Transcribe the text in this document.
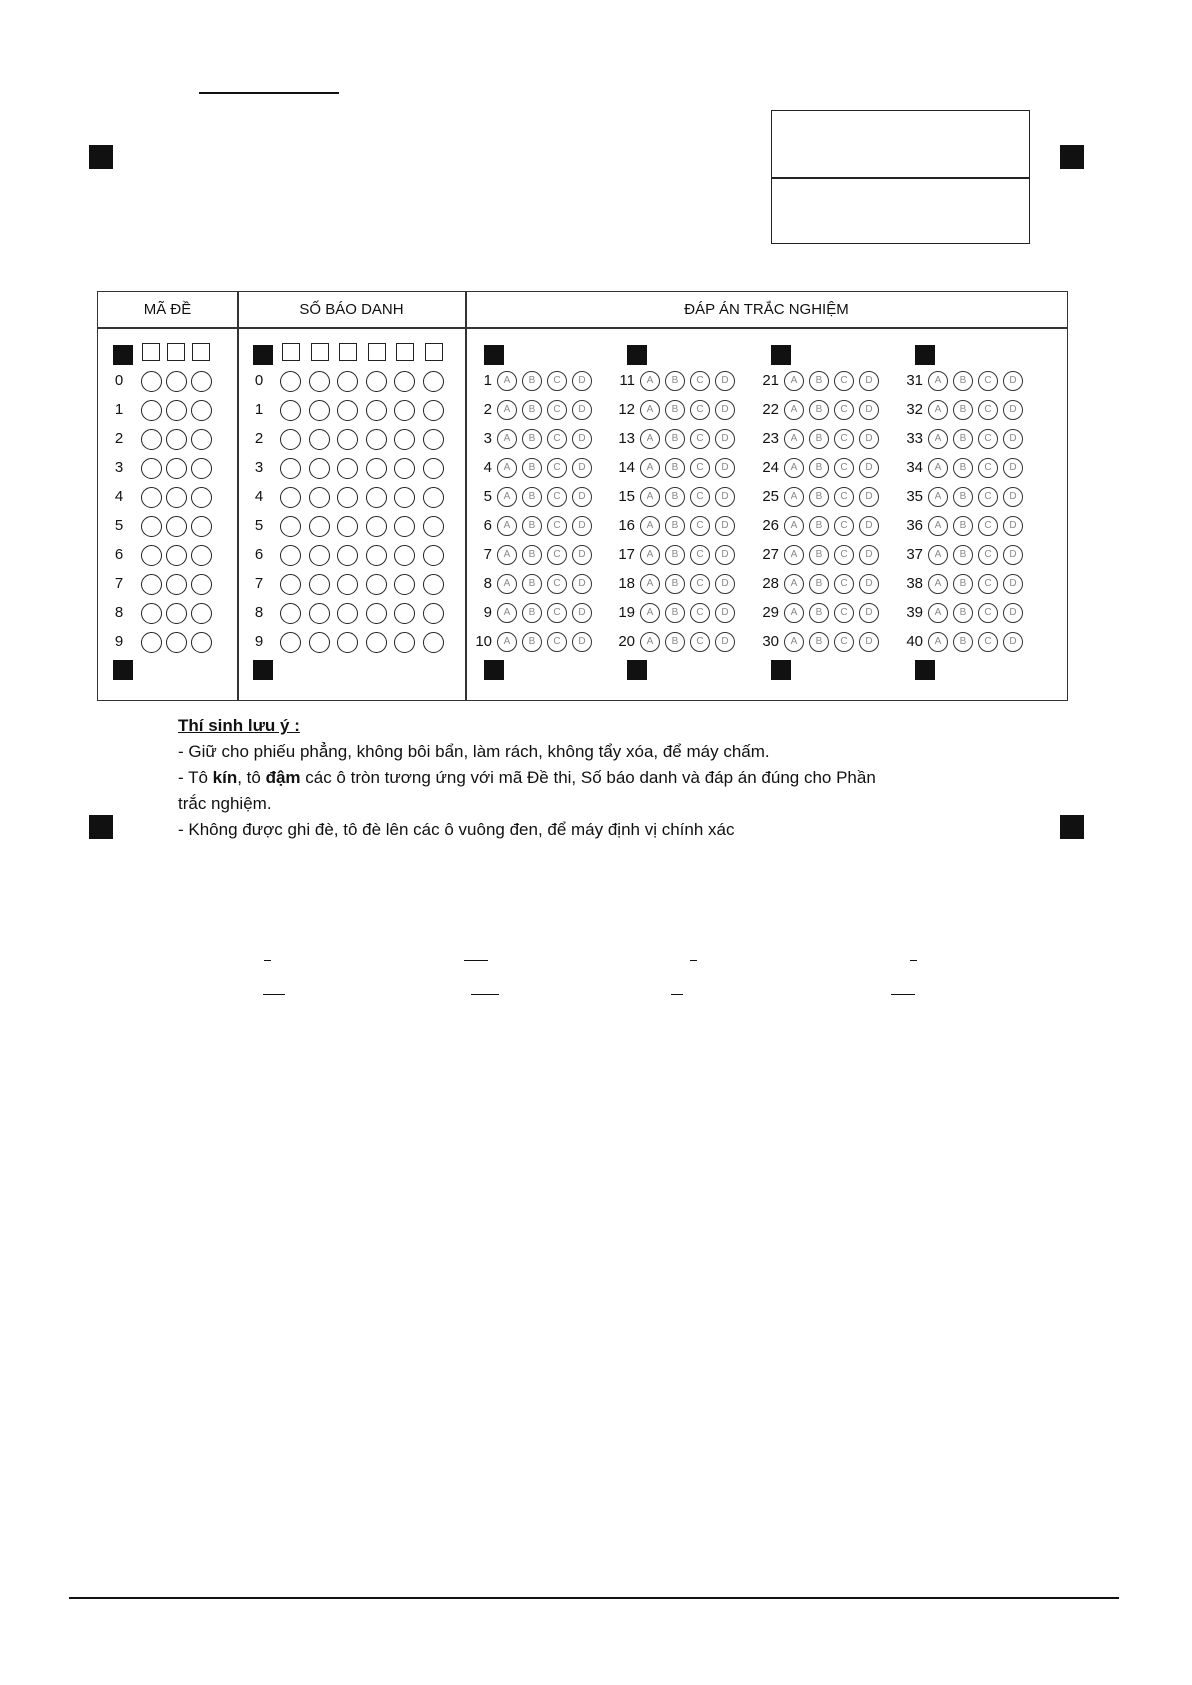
MÃ ĐỀ	SỐ BÁO DANH	ĐÁP ÁN TRẮC NGHIỆM
0
1
2
3
4
5
6
7
8
9
0
1
2
3
4
5
6
7
8
9
1	A	B	C	D
2	A	B	C	D
3	A	B	C	D
4	A	B	C	D
5	A	B	C	D
6	A	B	C	D
7	A	B	C	D
8	A	B	C	D
9	A	B	C	D
10	A	B	C	D
11	A	B	C	D
12	A	B	C	D
13	A	B	C	D
14	A	B	C	D
15	A	B	C	D
16	A	B	C	D
17	A	B	C	D
18	A	B	C	D
19	A	B	C	D
20	A	B	C	D
21	A	B	C	D
22	A	B	C	D
23	A	B	C	D
24	A	B	C	D
25	A	B	C	D
26	A	B	C	D
27	A	B	C	D
28	A	B	C	D
29	A	B	C	D
30	A	B	C	D
31	A	B	C	D
32	A	B	C	D
33	A	B	C	D
34	A	B	C	D
35	A	B	C	D
36	A	B	C	D
37	A	B	C	D
38	A	B	C	D
39	A	B	C	D
40	A	B	C	D
Thí sinh lưu ý :
- Giữ cho phiếu phẳng, không bôi bẩn, làm rách, không tẩy xóa, để máy chấm.
- Tô kín, tô đậm các ô tròn tương ứng với mã Đề thi, Số báo danh và đáp án đúng cho Phần
trắc nghiệm.
- Không được ghi đè, tô đè lên các ô vuông đen, để máy định vị chính xác
